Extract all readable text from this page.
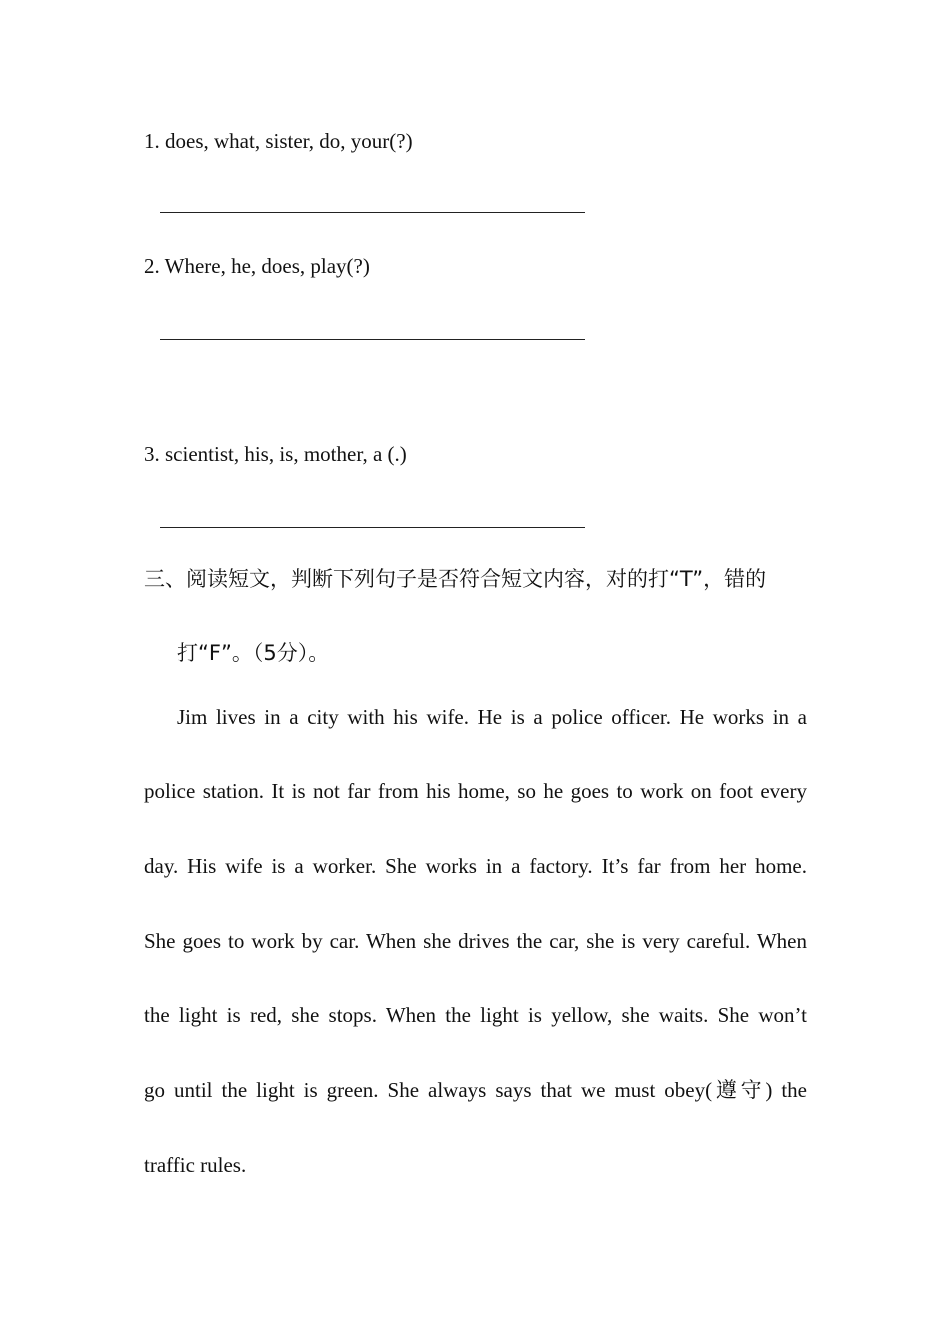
1. does, what, sister, do, your(?)
2. Where, he, does, play(?)
3. scientist, his, is, mother, a (.)
三、阅读短文，判断下列句子是否符合短文内容，对的打“T”，错的
打“F”。（5分）。
Jim lives in a city with his wife. He is a police officer. He works in a
police station. It is not far from his home, so he goes to work on foot every
day. His wife is a worker. She works in a factory. It’s far from her home.
She goes to work by car. When she drives the car, she is very careful. When
the light is red, she stops. When the light is yellow, she waits. She won’t
go until the light is green. She always says that we must obey(遵守) the
traffic rules.
